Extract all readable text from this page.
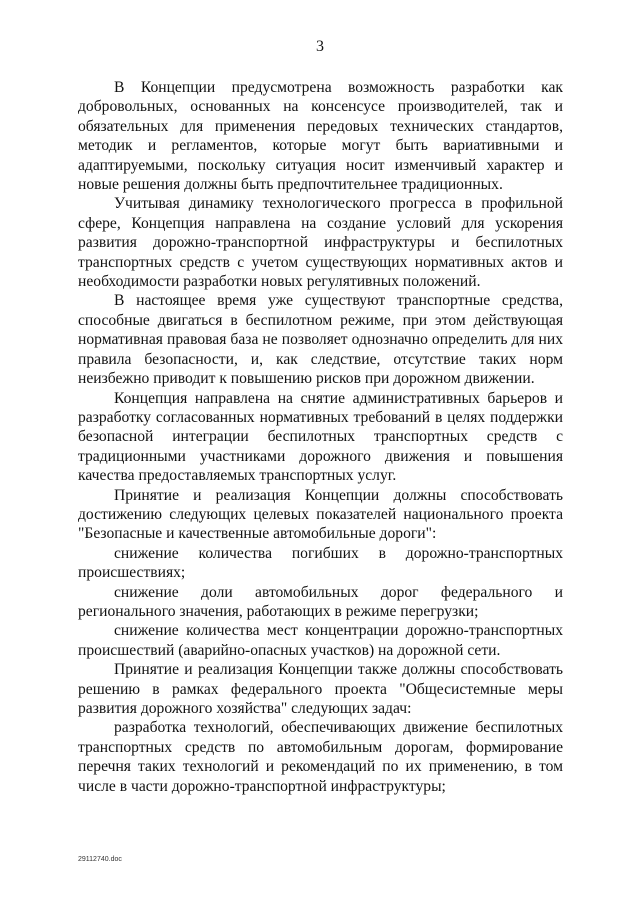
3

В Концепции предусмотрена возможность разработки как добровольных, основанных на консенсусе производителей, так и обязательных для применения передовых технических стандартов, методик и регламентов, которые могут быть вариативными и адаптируемыми, поскольку ситуация носит изменчивый характер и новые решения должны быть предпочтительнее традиционных.

Учитывая динамику технологического прогресса в профильной сфере, Концепция направлена на создание условий для ускорения развития дорожно-транспортной инфраструктуры и беспилотных транспортных средств с учетом существующих нормативных актов и необходимости разработки новых регулятивных положений.

В настоящее время уже существуют транспортные средства, способные двигаться в беспилотном режиме, при этом действующая нормативная правовая база не позволяет однозначно определить для них правила безопасности, и, как следствие, отсутствие таких норм неизбежно приводит к повышению рисков при дорожном движении.

Концепция направлена на снятие административных барьеров и разработку согласованных нормативных требований в целях поддержки безопасной интеграции беспилотных транспортных средств с традиционными участниками дорожного движения и повышения качества предоставляемых транспортных услуг.

Принятие и реализация Концепции должны способствовать достижению следующих целевых показателей национального проекта "Безопасные и качественные автомобильные дороги":

снижение количества погибших в дорожно-транспортных происшествиях;

снижение доли автомобильных дорог федерального и регионального значения, работающих в режиме перегрузки;

снижение количества мест концентрации дорожно-транспортных происшествий (аварийно-опасных участков) на дорожной сети.

Принятие и реализация Концепции также должны способствовать решению в рамках федерального проекта "Общесистемные меры развития дорожного хозяйства" следующих задач:

разработка технологий, обеспечивающих движение беспилотных транспортных средств по автомобильным дорогам, формирование перечня таких технологий и рекомендаций по их применению, в том числе в части дорожно-транспортной инфраструктуры;

29112740.doc
